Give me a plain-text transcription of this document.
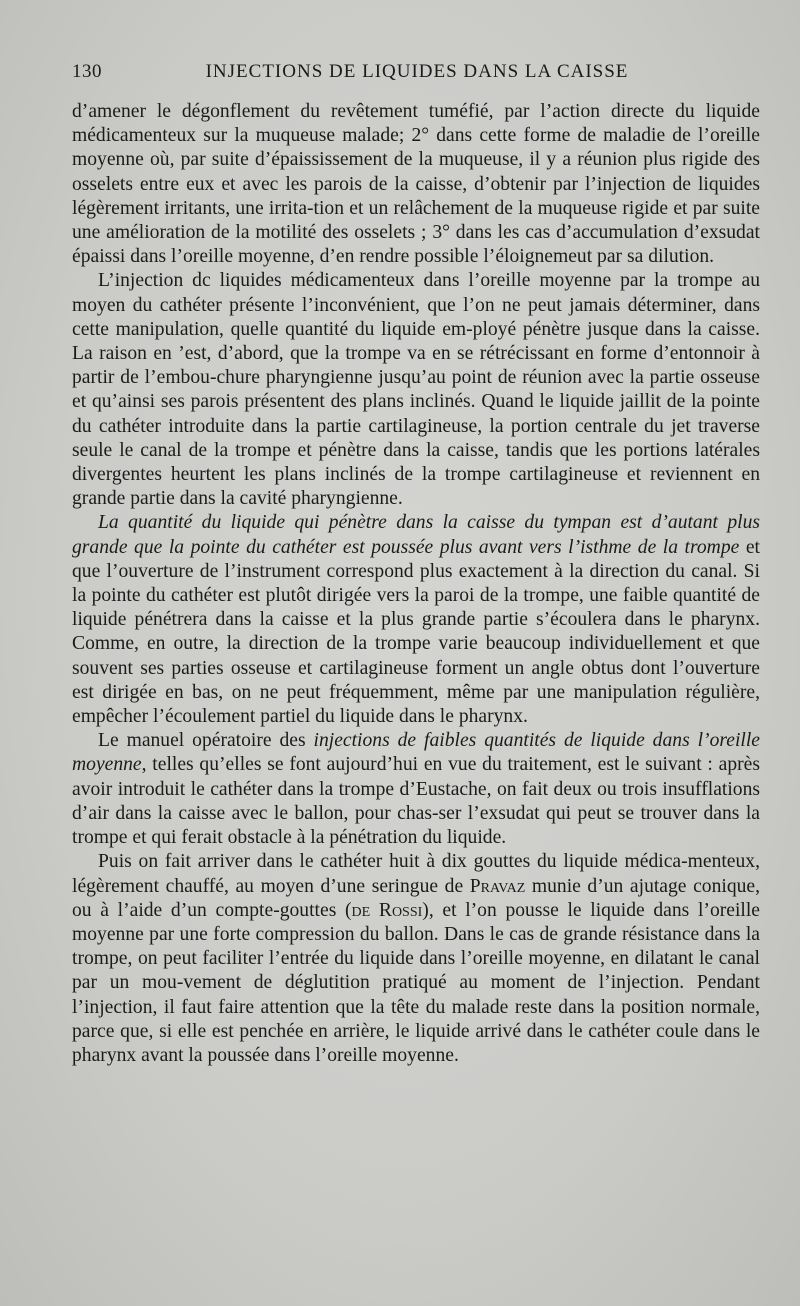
130	INJECTIONS DE LIQUIDES DANS LA CAISSE

d’amener le dégonflement du revêtement tuméfié, par l’action directe du liquide médicamenteux sur la muqueuse malade; 2° dans cette forme de maladie de l’oreille moyenne où, par suite d’épaississement de la muqueuse, il y a réunion plus rigide des osselets entre eux et avec les parois de la caisse, d’obtenir par l’injection de liquides légèrement irritants, une irrita-tion et un relâchement de la muqueuse rigide et par suite une amélioration de la motilité des osselets ; 3° dans les cas d’accumulation d’exsudat épaissi dans l’oreille moyenne, d’en rendre possible l’éloignemeut par sa dilution.

L’injection dc liquides médicamenteux dans l’oreille moyenne par la trompe au moyen du cathéter présente l’inconvénient, que l’on ne peut jamais déterminer, dans cette manipulation, quelle quantité du liquide em-ployé pénètre jusque dans la caisse. La raison en ’est, d’abord, que la trompe va en se rétrécissant en forme d’entonnoir à partir de l’embou-chure pharyngienne jusqu’au point de réunion avec la partie osseuse et qu’ainsi ses parois présentent des plans inclinés. Quand le liquide jaillit de la pointe du cathéter introduite dans la partie cartilagineuse, la portion centrale du jet traverse seule le canal de la trompe et pénètre dans la caisse, tandis que les portions latérales divergentes heurtent les plans inclinés de la trompe cartilagineuse et reviennent en grande partie dans la cavité pharyngienne.

La quantité du liquide qui pénètre dans la caisse du tympan est d’autant plus grande que la pointe du cathéter est poussée plus avant vers l’isthme de la trompe et que l’ouverture de l’instrument correspond plus exactement à la direction du canal. Si la pointe du cathéter est plutôt dirigée vers la paroi de la trompe, une faible quantité de liquide pénétrera dans la caisse et la plus grande partie s’écoulera dans le pharynx. Comme, en outre, la direction de la trompe varie beaucoup individuellement et que souvent ses parties osseuse et cartilagineuse forment un angle obtus dont l’ouverture est dirigée en bas, on ne peut fréquemment, même par une manipulation régulière, empêcher l’écoulement partiel du liquide dans le pharynx.

Le manuel opératoire des injections de faibles quantités de liquide dans l’oreille moyenne, telles qu’elles se font aujourd’hui en vue du traitement, est le suivant : après avoir introduit le cathéter dans la trompe d’Eustache, on fait deux ou trois insufflations d’air dans la caisse avec le ballon, pour chas-ser l’exsudat qui peut se trouver dans la trompe et qui ferait obstacle à la pénétration du liquide.

Puis on fait arriver dans le cathéter huit à dix gouttes du liquide médica-menteux, légèrement chauffé, au moyen d’une seringue de Pravaz munie d’un ajutage conique, ou à l’aide d’un compte-gouttes (de Rossi), et l’on pousse le liquide dans l’oreille moyenne par une forte compression du ballon. Dans le cas de grande résistance dans la trompe, on peut faciliter l’entrée du liquide dans l’oreille moyenne, en dilatant le canal par un mou-vement de déglutition pratiqué au moment de l’injection. Pendant l’injection, il faut faire attention que la tête du malade reste dans la position normale, parce que, si elle est penchée en arrière, le liquide arrivé dans le cathéter coule dans le pharynx avant la poussée dans l’oreille moyenne.
